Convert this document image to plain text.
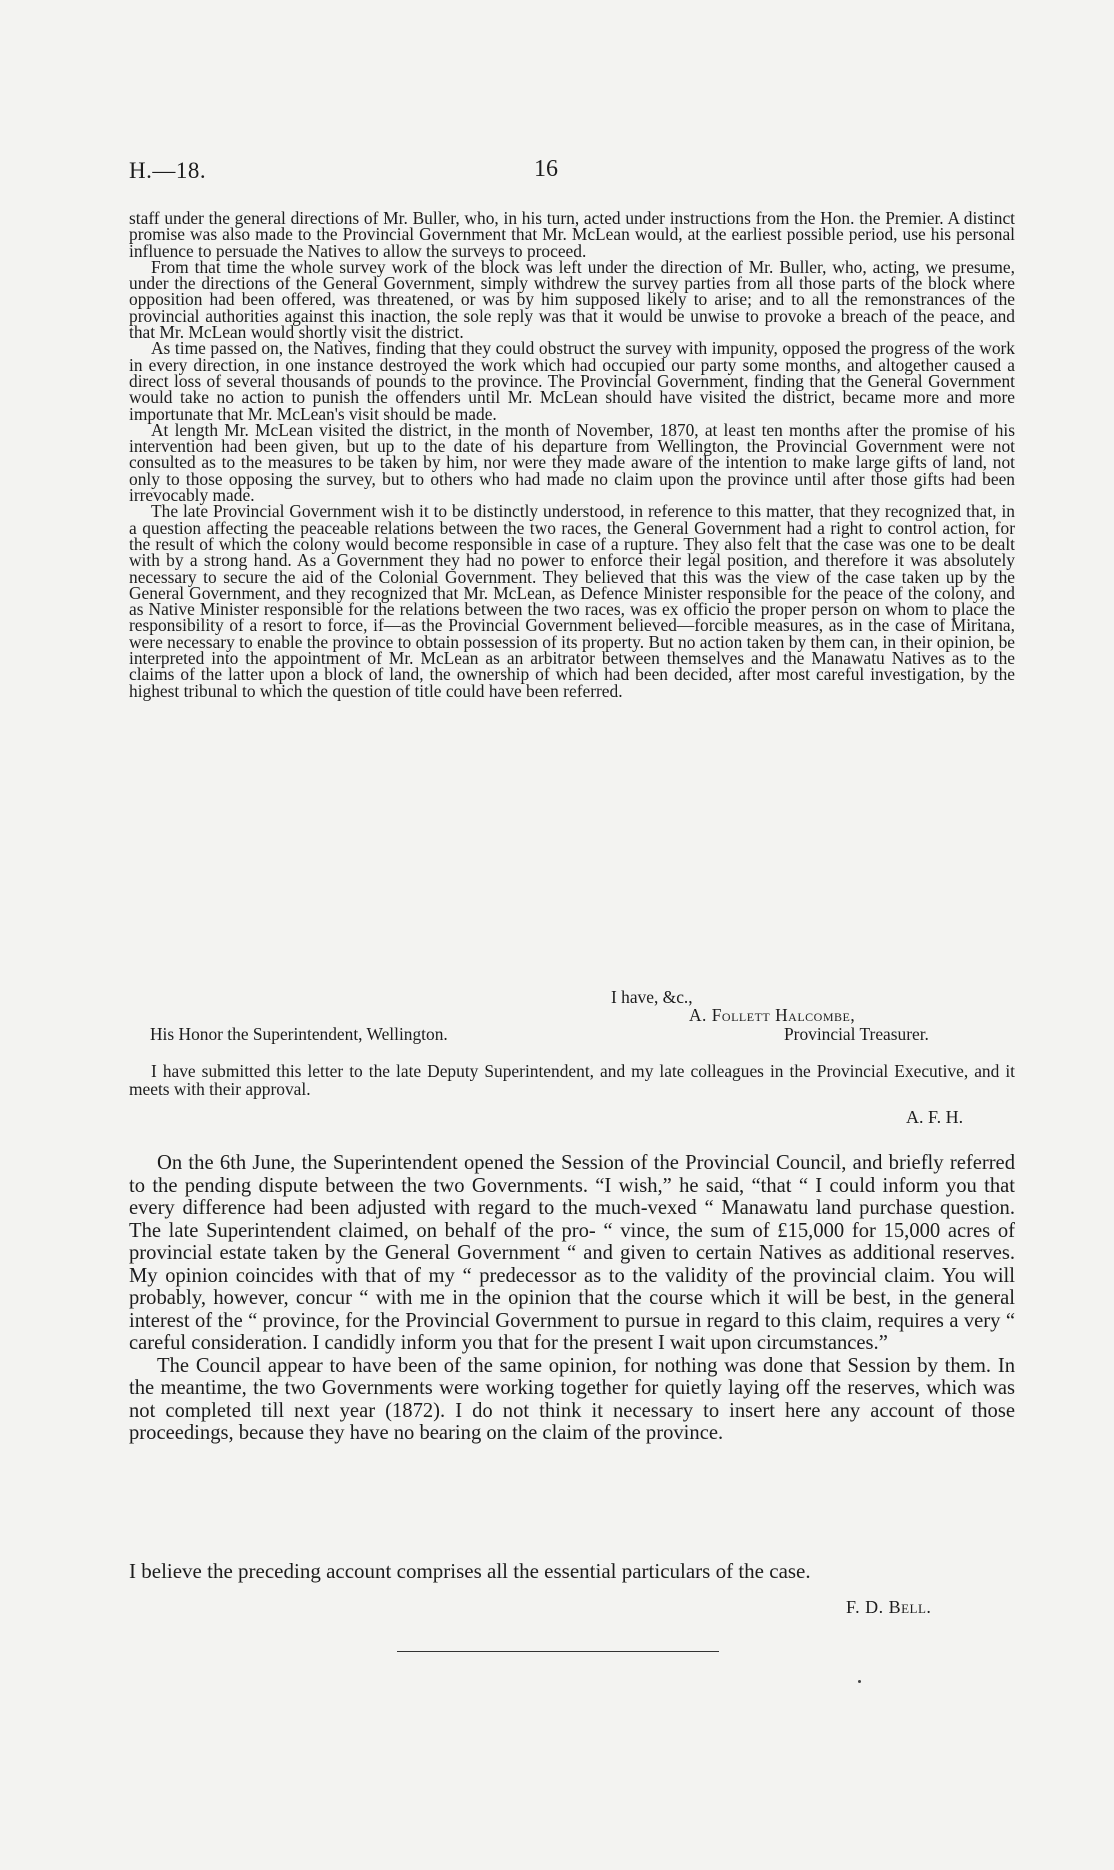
H.—18.	16

staff under the general directions of Mr. Buller, who, in his turn, acted under instructions from the Hon. the Premier. A distinct promise was also made to the Provincial Government that Mr. McLean would, at the earliest possible period, use his personal influence to persuade the Natives to allow the surveys to proceed.

From that time the whole survey work of the block was left under the direction of Mr. Buller, who, acting, we presume, under the directions of the General Government, simply withdrew the survey parties from all those parts of the block where opposition had been offered, was threatened, or was by him supposed likely to arise; and to all the remonstrances of the provincial authorities against this inaction, the sole reply was that it would be unwise to provoke a breach of the peace, and that Mr. McLean would shortly visit the district.

As time passed on, the Natives, finding that they could obstruct the survey with impunity, opposed the progress of the work in every direction, in one instance destroyed the work which had occupied our party some months, and altogether caused a direct loss of several thousands of pounds to the province. The Provincial Government, finding that the General Government would take no action to punish the offenders until Mr. McLean should have visited the district, became more and more importunate that Mr. McLean's visit should be made.

At length Mr. McLean visited the district, in the month of November, 1870, at least ten months after the promise of his intervention had been given, but up to the date of his departure from Wellington, the Provincial Government were not consulted as to the measures to be taken by him, nor were they made aware of the intention to make large gifts of land, not only to those opposing the survey, but to others who had made no claim upon the province until after those gifts had been irrevocably made.

The late Provincial Government wish it to be distinctly understood, in reference to this matter, that they recognized that, in a question affecting the peaceable relations between the two races, the General Government had a right to control action, for the result of which the colony would become responsible in case of a rupture. They also felt that the case was one to be dealt with by a strong hand. As a Government they had no power to enforce their legal position, and therefore it was absolutely necessary to secure the aid of the Colonial Government. They believed that this was the view of the case taken up by the General Government, and they recognized that Mr. McLean, as Defence Minister responsible for the peace of the colony, and as Native Minister responsible for the relations between the two races, was ex officio the proper person on whom to place the responsibility of a resort to force, if—as the Provincial Government believed—forcible measures, as in the case of Miritana, were necessary to enable the province to obtain possession of its property. But no action taken by them can, in their opinion, be interpreted into the appointment of Mr. McLean as an arbitrator between themselves and the Manawatu Natives as to the claims of the latter upon a block of land, the ownership of which had been decided, after most careful investigation, by the highest tribunal to which the question of title could have been referred.

I have, &c.,
A. Follett Halcombe,
His Honor the Superintendent, Wellington.	Provincial Treasurer.

I have submitted this letter to the late Deputy Superintendent, and my late colleagues in the Provincial Executive, and it meets with their approval.

A. F. H.

On the 6th June, the Superintendent opened the Session of the Provincial Council, and briefly referred to the pending dispute between the two Governments. “I wish,” he said, “that “ I could inform you that every difference had been adjusted with regard to the much-vexed “ Manawatu land purchase question. The late Superintendent claimed, on behalf of the pro- “ vince, the sum of £15,000 for 15,000 acres of provincial estate taken by the General Government “ and given to certain Natives as additional reserves. My opinion coincides with that of my “ predecessor as to the validity of the provincial claim. You will probably, however, concur “ with me in the opinion that the course which it will be best, in the general interest of the “ province, for the Provincial Government to pursue in regard to this claim, requires a very “ careful consideration. I candidly inform you that for the present I wait upon circumstances.”

The Council appear to have been of the same opinion, for nothing was done that Session by them. In the meantime, the two Governments were working together for quietly laying off the reserves, which was not completed till next year (1872). I do not think it necessary to insert here any account of those proceedings, because they have no bearing on the claim of the province.

I believe the preceding account comprises all the essential particulars of the case.
F. D. Bell.
